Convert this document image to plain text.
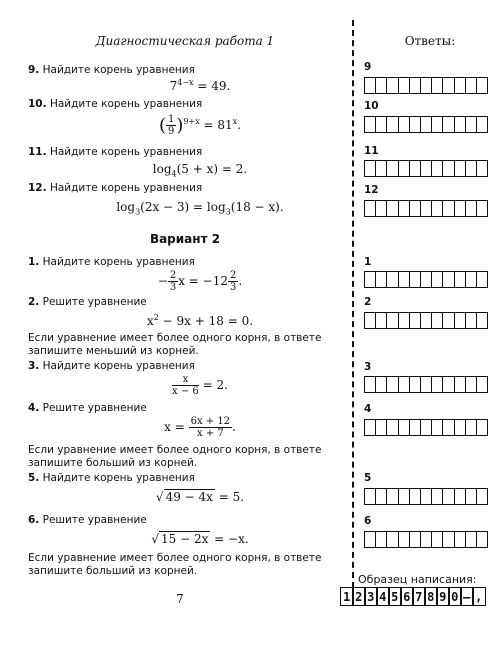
Диагностическая работа 1	Ответы:
9. Найдите корень уравнения
$7^{4-x} = 49$.
10. Найдите корень уравнения
( $\frac{1}{9} )^{9+x} = 81^x$.
11. Найдите корень уравнения
$\log_4(5 + x) = 2$.
12. Найдите корень уравнения
$\log_3(2x - 3) = \log_3(18 - x)$.
Вариант 2
1. Найдите корень уравнения
− $\frac{2}{3}$ $x = -12 \frac{2}{3}$ .
2. Решите уравнение
$x^2 - 9x + 18 = 0$.
Если уравнение имеет более одного корня, в ответе запишите меньший из корней.
3. Найдите корень уравнения
$\frac{x}{x - 6} = 2$.
4. Решите уравнение
$x = \frac{6x + 12}{x + 7}$ .
Если уравнение имеет более одного корня, в ответе запишите больший из корней.
5. Найдите корень уравнения
√ 49 − 4x = 5.
6. Решите уравнение
√ 15 − 2x = −x.
Если уравнение имеет более одного корня, в ответе запишите больший из корней.
9
10
11
12
1
2
3
4
5
6
Образец написания:
1 2 3 4 5 6 7 8 9 0 – ,
7
